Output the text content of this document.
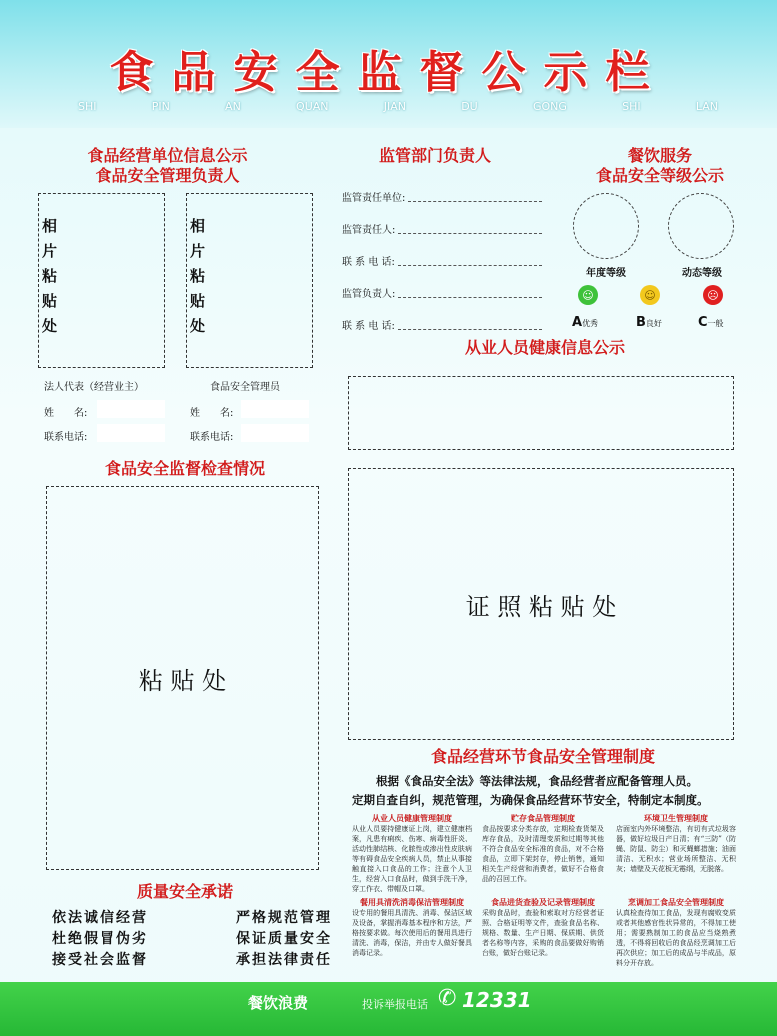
食品安全监督公示栏
SHI	PIN	AN	QUAN	JIAN	DU	GONG	SHI	LAN
食品经营单位信息公示
食品安全管理负责人
相片粘贴处	相片粘贴处
法人代表（经营业主）	食品安全管理员
姓　　名:
联系电话:
姓　　名:
联系电话:
监管部门负责人
监管责任单位:
监管责任人:
联 系 电 话:
监管负责人:
联 系 电 话:
餐饮服务
食品安全等级公示
年度等级	动态等级
☺	☺	☹
A优秀	B良好	C一般
从业人员健康信息公示
食品安全监督检查情况
粘 贴 处
证 照 粘 贴 处
食品经营环节食品安全管理制度
根据《食品安全法》等法律法规，食品经营者应配备管理人员。
定期自查自纠，规范管理，为确保食品经营环节安全，特制定本制度。
从业人员健康管理制度
从业人员要持健康证上岗，建立健康档案，凡患有痢疾、伤寒、病毒性肝炎、活动性肺结核、化脓性或渗出性皮肤病等有碍食品安全疾病人员，禁止从事接触直接入口食品的工作；注意个人卫生，经营入口食品时，做到手洗干净，穿工作衣、带帽及口罩。
贮存食品管理制度
食品按要求分类存放，定期检查货架及库存食品，及时清理变质和过期等其他不符合食品安全标准的食品，对不合格食品，立即下架封存，停止销售，通知相关生产经营和消费者，做好不合格食品的召回工作。
环境卫生管理制度
店面室内外环境整洁，有切有式垃圾容器，做好垃圾日产日清；有“三防”（防蝇、防鼠、防尘）和灭蝇螂措施；油面清洁、无积水；营业场所整洁、无积灰；墙壁及天花板无霉纲，无脱落。
餐用具清洗消毒保洁管理制度
设专用的餐用具清洗、消毒、保洁区域及设备，掌握消毒基本程序和方法，严格按要求做。每次使用后的餐用具进行清洗、消毒，保洁，并由专人做好餐具消毒记录。
食品进货查验及记录管理制度
采购食品时，查验和索取对方经营者证照、合格证明等文件，查验食品名称、规格、数量、生产日期、保质期、供货者名称等内容，采购的食品要做好购销台账，做好台账记录。
烹调加工食品安全管理制度
认真检查待加工食品，发现有腐败变质或者其他感官性状异常的，不得加工使用；需要熟制加工的食品应当烧熟煮透，不得将回收后的食品经烹调加工后再次供应；加工后的成品与半成品，原料分开存放。
质量安全承诺
依法诚信经营	严格规范管理
杜绝假冒伪劣	保证质量安全
接受社会监督	承担法律责任
餐饮浪费	投诉举报电话 ✆ 12331
